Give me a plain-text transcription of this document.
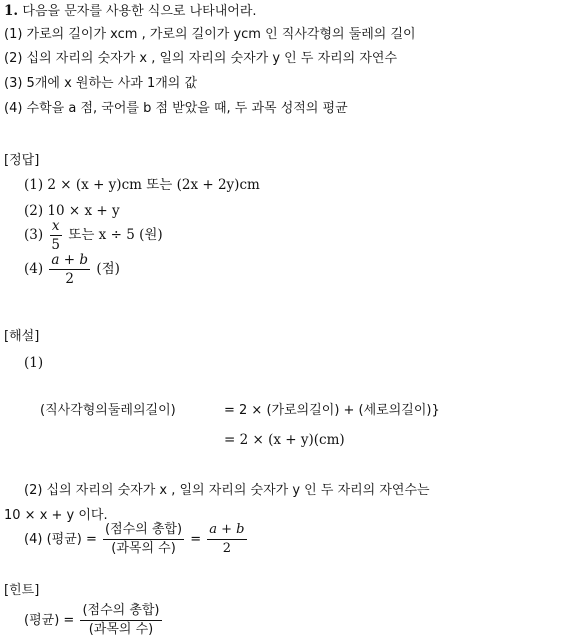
1. 다음을 문자를 사용한 식으로 나타내어라.
(1) 가로의 길이가 xcm , 가로의 길이가 ycm 인 직사각형의 둘레의 길이
(2) 십의 자리의 숫자가 x , 일의 자리의 숫자가 y 인 두 자리의 자연수
(3) 5개에 x 원하는 사과 1개의 값
(4) 수학을 a 점, 국어를 b 점 받았을 때, 두 과목 성적의 평균
[정답]
(1) 2 × (x + y)cm 또는 (2x + 2y)cm
(2) 10 × x + y
$(3) \frac{x}{5}$ 또는 x ÷ 5 (원)
$(4) \frac{a + b}{2}$ (점)
[해설]
(1)
(직사각형의둘레의길이)	= 2 × (가로의길이) + (세로의길이)}
= 2 × (x + y)(cm)
(2) 십의 자리의 숫자가 x , 일의 자리의 숫자가 y 인 두 자리의 자연수는
10 × x + y 이다.
(4) (평균) = $\frac{\text{(점수의 총합)}}{\text{(과목의 수)}} = \frac{a + b}{2}$
[힌트]
(평균) = $\frac{\text{(점수의 총합)}}{\text{(과목의 수)}}$
